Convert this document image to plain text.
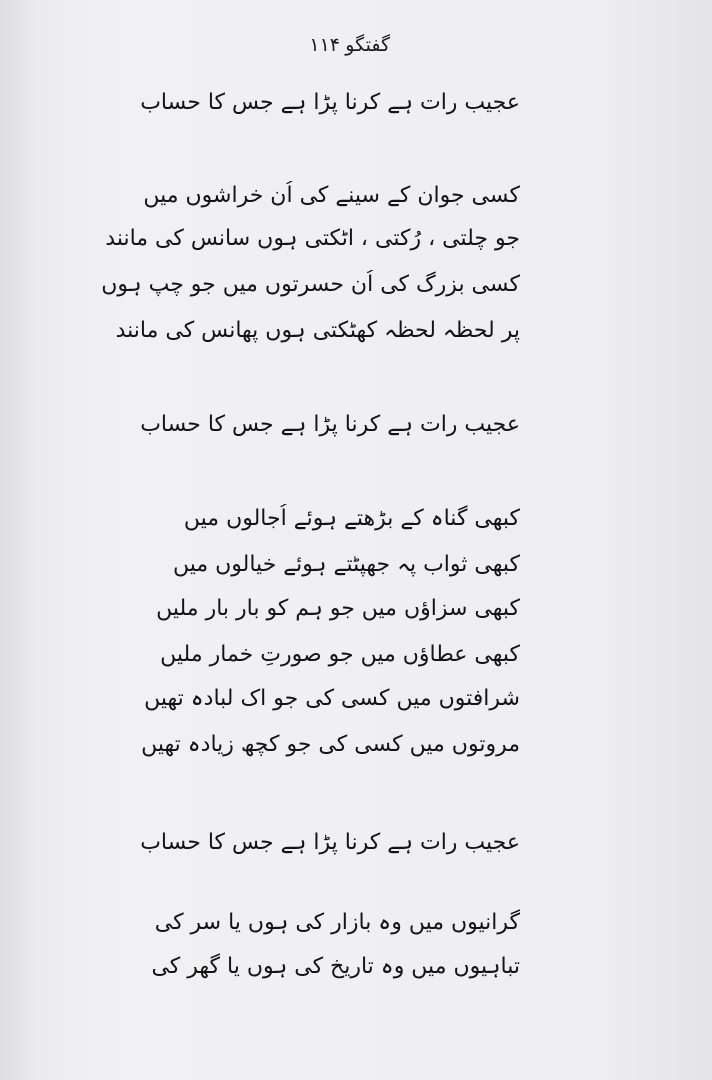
گفتگو
۱۱۴
عجیب رات ہے کرنا پڑا ہے جس کا حساب
کسی جوان کے سینے کی اُن خراشوں میں
جو چلتی ، رُکتی ، اٹکتی ہوں سانس کی مانند
کسی بزرگ کی اُن حسرتوں میں جو چپ ہوں
پر لحظہ لحظہ کھٹکتی ہوں پھانس کی مانند
عجیب رات ہے کرنا پڑا ہے جس کا حساب
کبھی گناہ کے بڑھتے ہوئے اُجالوں میں
کبھی ثواب پہ جھپٹتے ہوئے خیالوں میں
کبھی سزاؤں میں جو ہم کو بار بار ملیں
کبھی عطاؤں میں جو صورتِ خمار ملیں
شرافتوں میں کسی کی جو اک لبادہ تھیں
مروتوں میں کسی کی جو کچھ زیادہ تھیں
عجیب رات ہے کرنا پڑا ہے جس کا حساب
گرانیوں میں وہ بازار کی ہوں یا سر کی
تباہیوں میں وہ تاریخ کی ہوں یا گھر کی
